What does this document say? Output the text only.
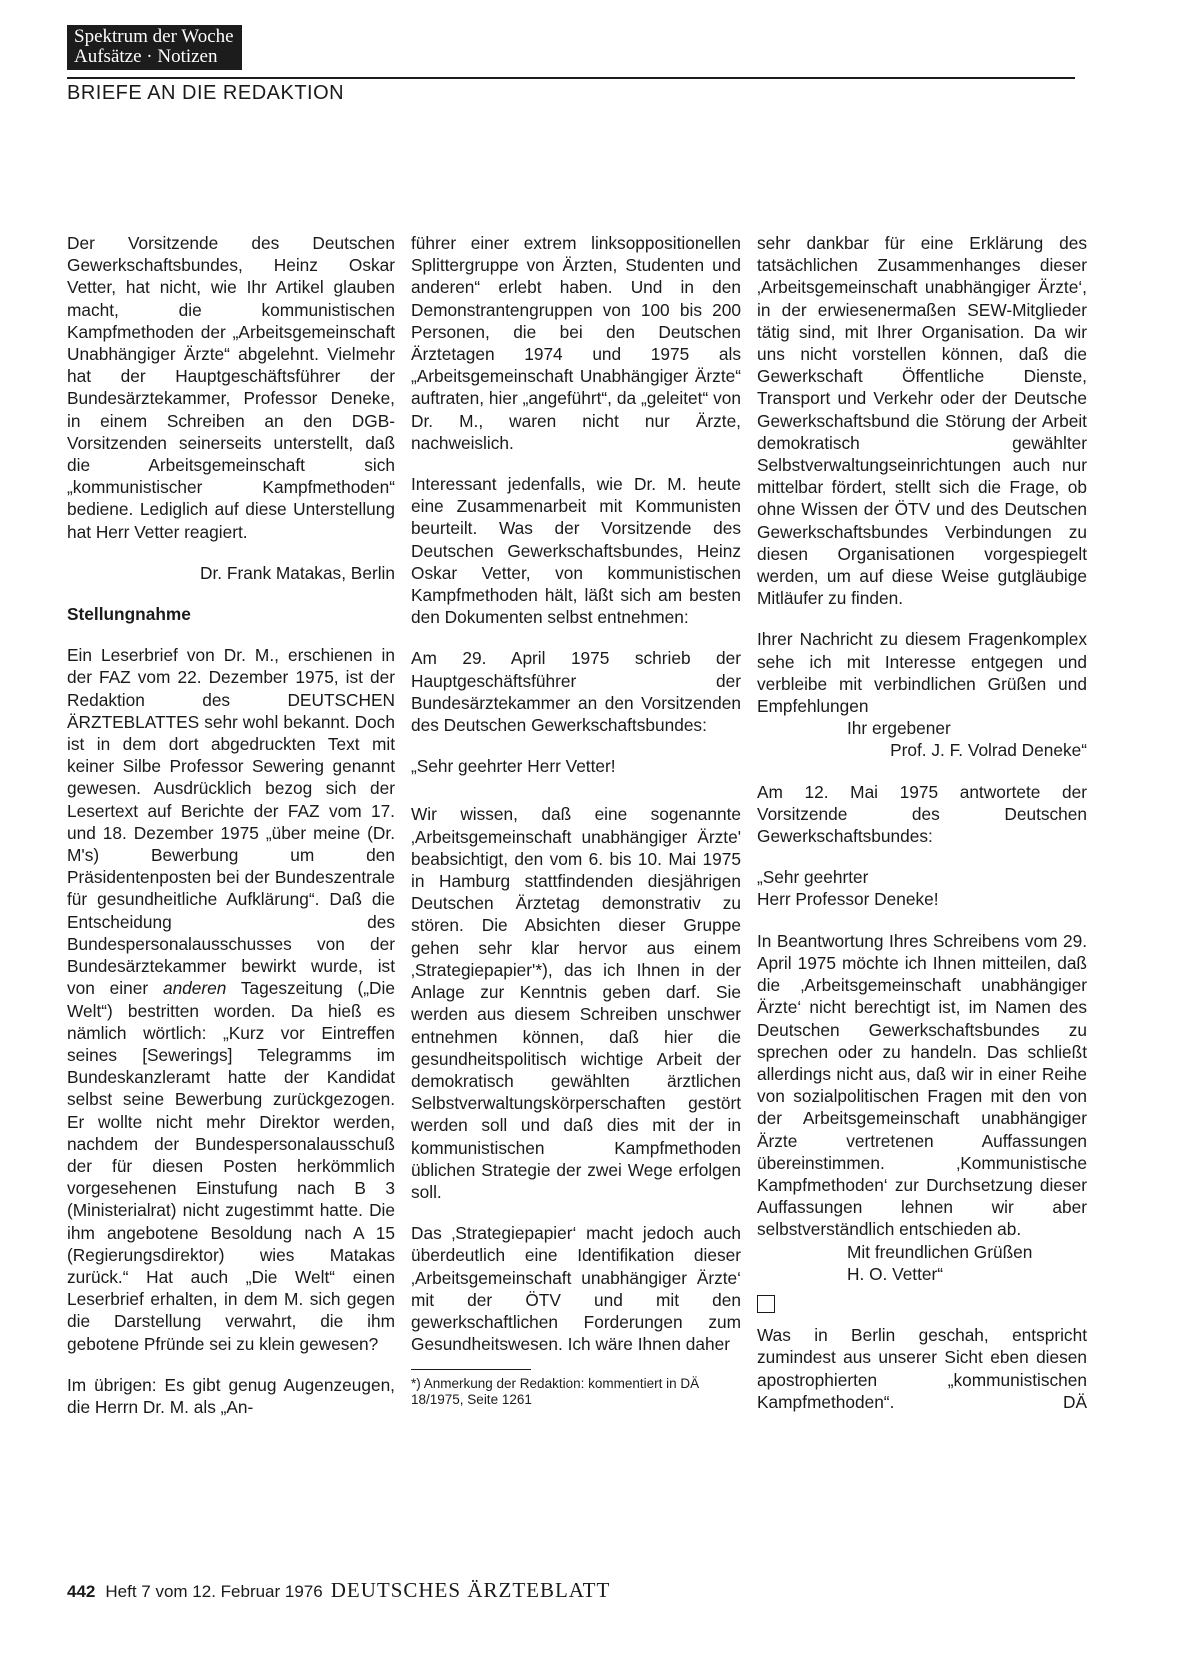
Spektrum der Woche
Aufsätze · Notizen
BRIEFE AN DIE REDAKTION

Der Vorsitzende des Deutschen Gewerkschaftsbundes, Heinz Oskar Vetter, hat nicht, wie Ihr Artikel glauben macht, die kommunistischen Kampfmethoden der „Arbeitsgemeinschaft Unabhängiger Ärzte“ abgelehnt. Vielmehr hat der Hauptgeschäftsführer der Bundesärztekammer, Professor Deneke, in einem Schreiben an den DGB-Vorsitzenden seinerseits unterstellt, daß die Arbeitsgemeinschaft sich „kommunistischer Kampfmethoden“ bediene. Lediglich auf diese Unterstellung hat Herr Vetter reagiert.

Dr. Frank Matakas, Berlin

Stellungnahme

Ein Leserbrief von Dr. M., erschienen in der FAZ vom 22. Dezember 1975, ist der Redaktion des DEUTSCHEN ÄRZTEBLATTES sehr wohl bekannt. Doch ist in dem dort abgedruckten Text mit keiner Silbe Professor Sewering genannt gewesen. Ausdrücklich bezog sich der Lesertext auf Berichte der FAZ vom 17. und 18. Dezember 1975 „über meine (Dr. M's) Bewerbung um den Präsidentenposten bei der Bundeszentrale für gesundheitliche Aufklärung“. Daß die Entscheidung des Bundespersonalausschusses von der Bundesärztekammer bewirkt wurde, ist von einer anderen Tageszeitung („Die Welt“) bestritten worden. Da hieß es nämlich wörtlich: „Kurz vor Eintreffen seines [Sewerings] Telegramms im Bundeskanzleramt hatte der Kandidat selbst seine Bewerbung zurückgezogen. Er wollte nicht mehr Direktor werden, nachdem der Bundespersonalausschuß der für diesen Posten herkömmlich vorgesehenen Einstufung nach B 3 (Ministerialrat) nicht zugestimmt hatte. Die ihm angebotene Besoldung nach A 15 (Regierungsdirektor) wies Matakas zurück.“ Hat auch „Die Welt“ einen Leserbrief erhalten, in dem M. sich gegen die Darstellung verwahrt, die ihm gebotene Pfründe sei zu klein gewesen?

Im übrigen: Es gibt genug Augenzeugen, die Herrn Dr. M. als „An-

führer einer extrem linksoppositionellen Splittergruppe von Ärzten, Studenten und anderen“ erlebt haben. Und in den Demonstrantengruppen von 100 bis 200 Personen, die bei den Deutschen Ärztetagen 1974 und 1975 als „Arbeitsgemeinschaft Unabhängiger Ärzte“ auftraten, hier „angeführt“, da „geleitet“ von Dr. M., waren nicht nur Ärzte, nachweislich.

Interessant jedenfalls, wie Dr. M. heute eine Zusammenarbeit mit Kommunisten beurteilt. Was der Vorsitzende des Deutschen Gewerkschaftsbundes, Heinz Oskar Vetter, von kommunistischen Kampfmethoden hält, läßt sich am besten den Dokumenten selbst entnehmen:

Am 29. April 1975 schrieb der Hauptgeschäftsführer der Bundesärztekammer an den Vorsitzenden des Deutschen Gewerkschaftsbundes:

„Sehr geehrter Herr Vetter!

Wir wissen, daß eine sogenannte ‚Arbeitsgemeinschaft unabhängiger Ärzte' beabsichtigt, den vom 6. bis 10. Mai 1975 in Hamburg stattfindenden diesjährigen Deutschen Ärztetag demonstrativ zu stören. Die Absichten dieser Gruppe gehen sehr klar hervor aus einem ‚Strategiepapier'*), das ich Ihnen in der Anlage zur Kenntnis geben darf. Sie werden aus diesem Schreiben unschwer entnehmen können, daß hier die gesundheitspolitisch wichtige Arbeit der demokratisch gewählten ärztlichen Selbstverwaltungskörperschaften gestört werden soll und daß dies mit der in kommunistischen Kampfmethoden üblichen Strategie der zwei Wege erfolgen soll.

Das ‚Strategiepapier‘ macht jedoch auch überdeutlich eine Identifikation dieser ‚Arbeitsgemeinschaft unabhängiger Ärzte‘ mit der ÖTV und mit den gewerkschaftlichen Forderungen zum Gesundheitswesen. Ich wäre Ihnen daher

*) Anmerkung der Redaktion: kommentiert in DÄ 18/1975, Seite 1261

sehr dankbar für eine Erklärung des tatsächlichen Zusammenhanges dieser ‚Arbeitsgemeinschaft unabhängiger Ärzte‘, in der erwiesenermaßen SEW-Mitglieder tätig sind, mit Ihrer Organisation. Da wir uns nicht vorstellen können, daß die Gewerkschaft Öffentliche Dienste, Transport und Verkehr oder der Deutsche Gewerkschaftsbund die Störung der Arbeit demokratisch gewählter Selbstverwaltungseinrichtungen auch nur mittelbar fördert, stellt sich die Frage, ob ohne Wissen der ÖTV und des Deutschen Gewerkschaftsbundes Verbindungen zu diesen Organisationen vorgespiegelt werden, um auf diese Weise gutgläubige Mitläufer zu finden.

Ihrer Nachricht zu diesem Fragenkomplex sehe ich mit Interesse entgegen und verbleibe mit verbindlichen Grüßen und Empfehlungen

Ihr ergebener
Prof. J. F. Volrad Deneke“

Am 12. Mai 1975 antwortete der Vorsitzende des Deutschen Gewerkschaftsbundes:

„Sehr geehrter
Herr Professor Deneke!

In Beantwortung Ihres Schreibens vom 29. April 1975 möchte ich Ihnen mitteilen, daß die ‚Arbeitsgemeinschaft unabhängiger Ärzte‘ nicht berechtigt ist, im Namen des Deutschen Gewerkschaftsbundes zu sprechen oder zu handeln. Das schließt allerdings nicht aus, daß wir in einer Reihe von sozialpolitischen Fragen mit den von der Arbeitsgemeinschaft unabhängiger Ärzte vertretenen Auffassungen übereinstimmen. ‚Kommunistische Kampfmethoden‘ zur Durchsetzung dieser Auffassungen lehnen wir aber selbstverständlich entschieden ab.

Mit freundlichen Grüßen
H. O. Vetter“

Was in Berlin geschah, entspricht zumindest aus unserer Sicht eben diesen apostrophierten „kommunistischen Kampfmethoden“.	DÄ

442 Heft 7 vom 12. Februar 1976 DEUTSCHES ÄRZTEBLATT
